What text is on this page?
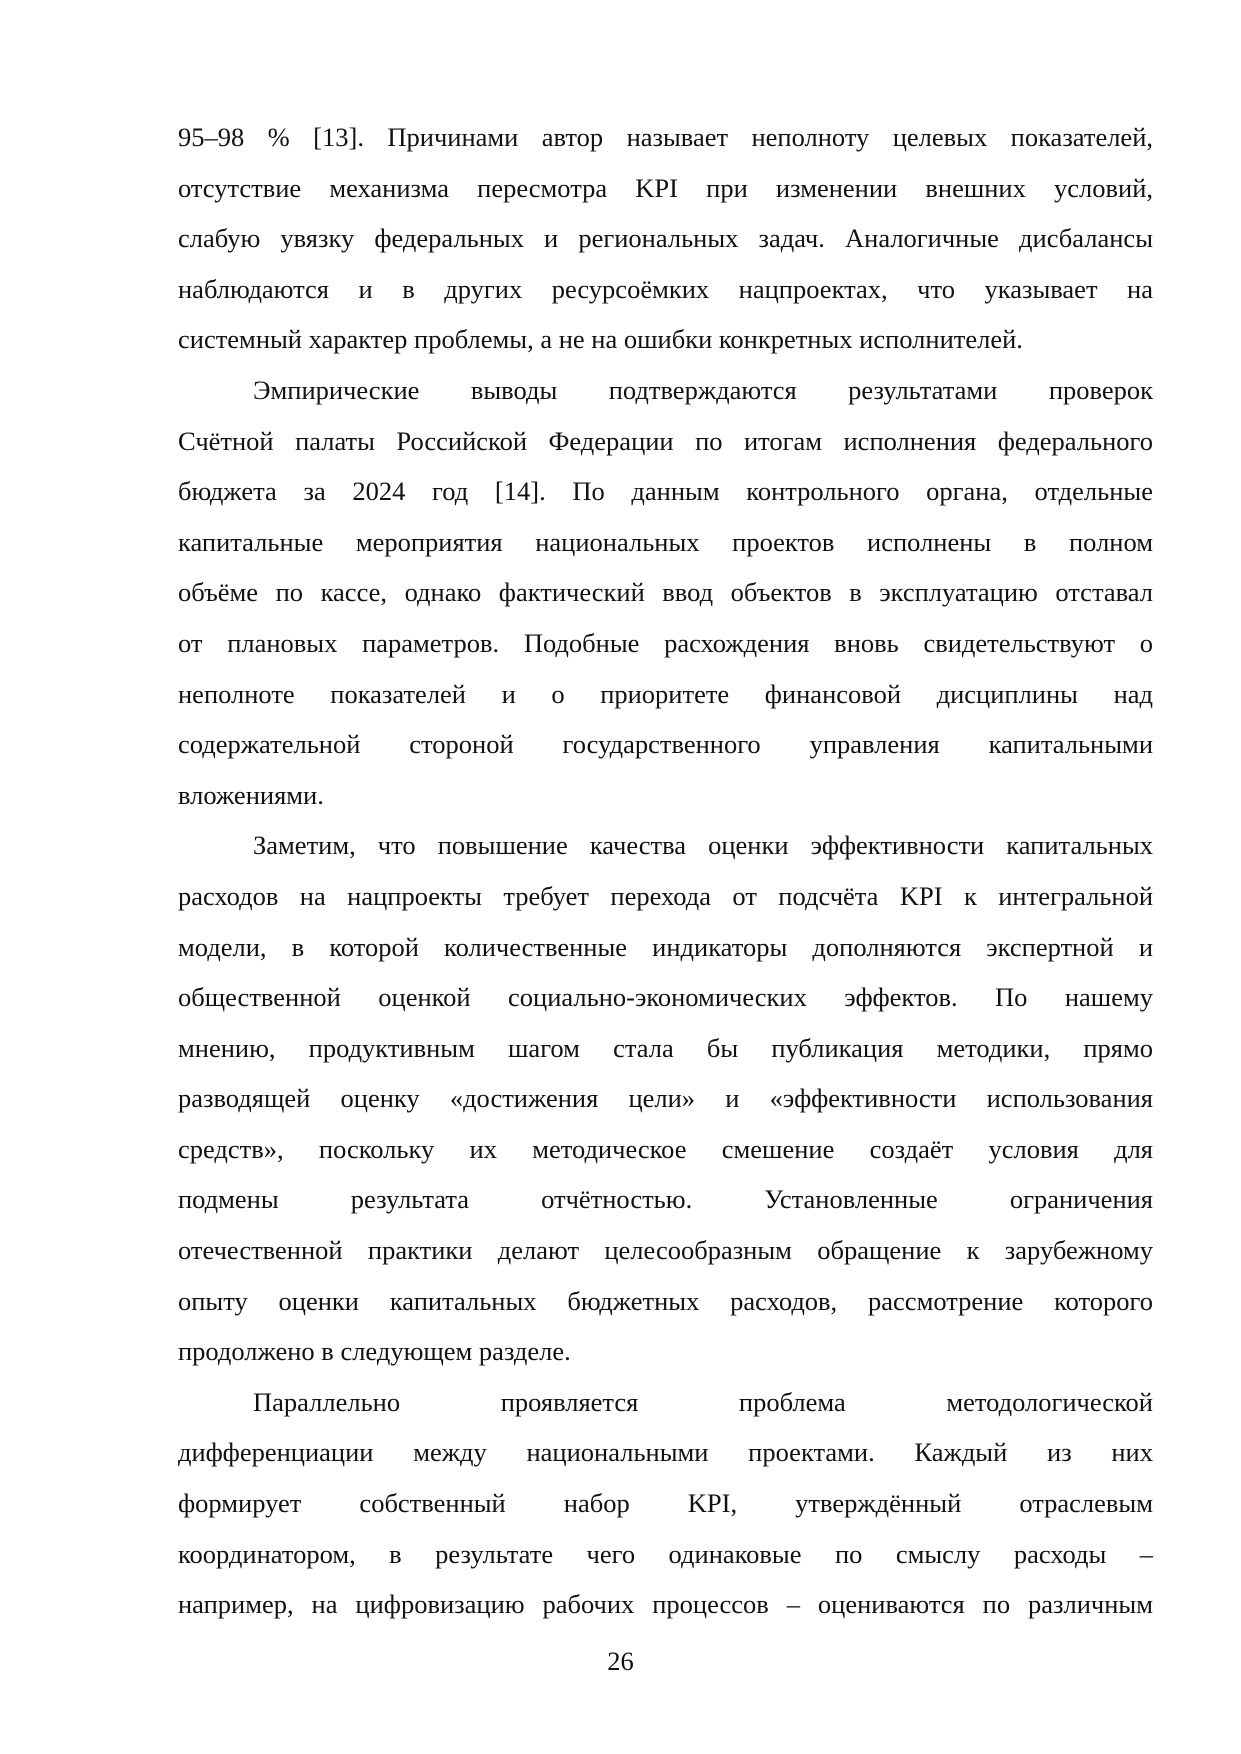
95–98 % [13]. Причинами автор называет неполноту целевых показателей,
отсутствие механизма пересмотра KPI при изменении внешних условий,
слабую увязку федеральных и региональных задач. Аналогичные дисбалансы
наблюдаются и в других ресурсоёмких нацпроектах, что указывает на
системный характер проблемы, а не на ошибки конкретных исполнителей.
Эмпирические выводы подтверждаются результатами проверок
Счётной палаты Российской Федерации по итогам исполнения федерального
бюджета за 2024 год [14]. По данным контрольного органа, отдельные
капитальные мероприятия национальных проектов исполнены в полном
объёме по кассе, однако фактический ввод объектов в эксплуатацию отставал
от плановых параметров. Подобные расхождения вновь свидетельствуют о
неполноте показателей и о приоритете финансовой дисциплины над
содержательной стороной государственного управления капитальными
вложениями.
Заметим, что повышение качества оценки эффективности капитальных
расходов на нацпроекты требует перехода от подсчёта KPI к интегральной
модели, в которой количественные индикаторы дополняются экспертной и
общественной оценкой социально-экономических эффектов. По нашему
мнению, продуктивным шагом стала бы публикация методики, прямо
разводящей оценку «достижения цели» и «эффективности использования
средств», поскольку их методическое смешение создаёт условия для
подмены результата отчётностью. Установленные ограничения
отечественной практики делают целесообразным обращение к зарубежному
опыту оценки капитальных бюджетных расходов, рассмотрение которого
продолжено в следующем разделе.
Параллельно проявляется проблема методологической
дифференциации между национальными проектами. Каждый из них
формирует собственный набор KPI, утверждённый отраслевым
координатором, в результате чего одинаковые по смыслу расходы –
например, на цифровизацию рабочих процессов – оцениваются по различным
26
